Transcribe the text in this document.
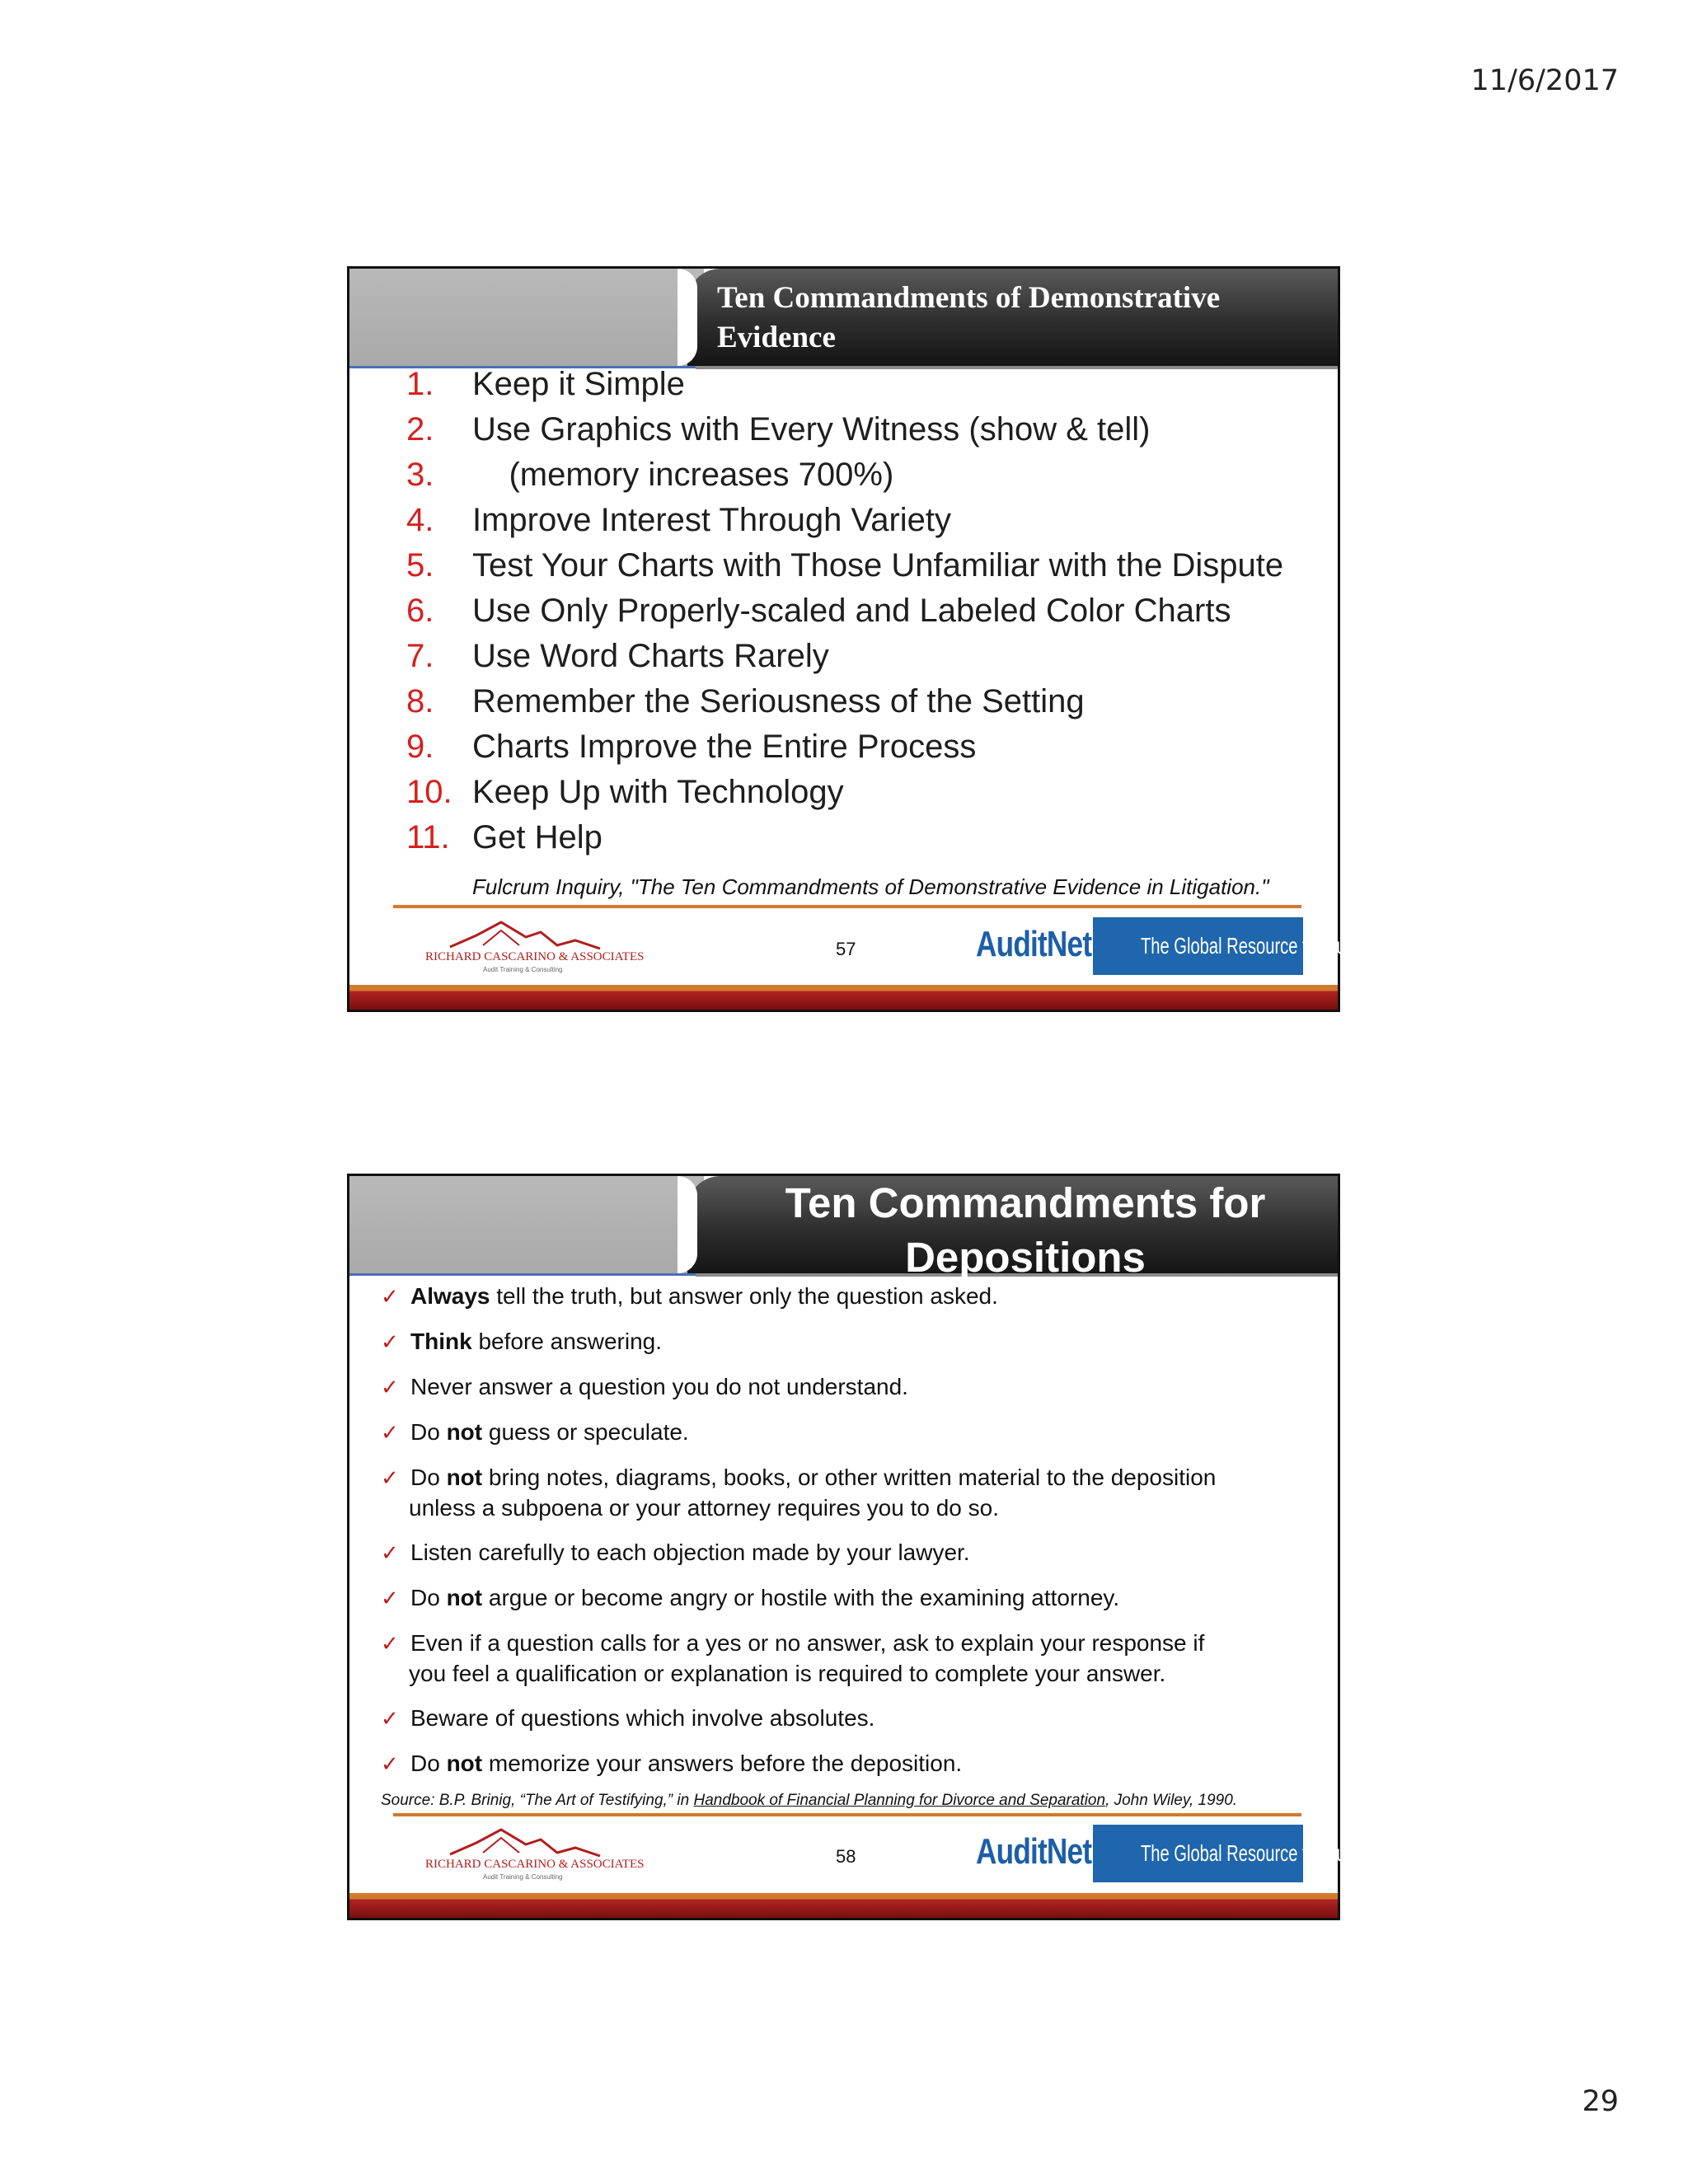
11/6/2017
Ten Commandments of Demonstrative Evidence
1. Keep it Simple
2. Use Graphics with Every Witness (show & tell)
3.    (memory increases 700%)
4. Improve Interest Through Variety
5. Test Your Charts with Those Unfamiliar with the Dispute
6. Use Only Properly-scaled and Labeled Color Charts
7. Use Word Charts Rarely
8. Remember the Seriousness of the Setting
9. Charts Improve the Entire Process
10. Keep Up with Technology
11. Get Help
Fulcrum Inquiry, "The Ten Commandments of Demonstrative Evidence in Litigation."
RICHARD CASCARINO & ASSOCIATES
Audit Training & Consulting
57	AuditNet	The Global Resource for Auditors
Ten Commandments for Depositions
✓ Always tell the truth, but answer only the question asked.
✓ Think before answering.
✓ Never answer a question you do not understand.
✓ Do not guess or speculate.
✓ Do not bring notes, diagrams, books, or other written material to the deposition
unless a subpoena or your attorney requires you to do so.
✓ Listen carefully to each objection made by your lawyer.
✓ Do not argue or become angry or hostile with the examining attorney.
✓ Even if a question calls for a yes or no answer, ask to explain your response if
you feel a qualification or explanation is required to complete your answer.
✓ Beware of questions which involve absolutes.
✓ Do not memorize your answers before the deposition.
Source: B.P. Brinig, “The Art of Testifying,” in Handbook of Financial Planning for Divorce and Separation, John Wiley, 1990.
RICHARD CASCARINO & ASSOCIATES
Audit Training & Consulting
58	AuditNet	The Global Resource for Auditors
29
